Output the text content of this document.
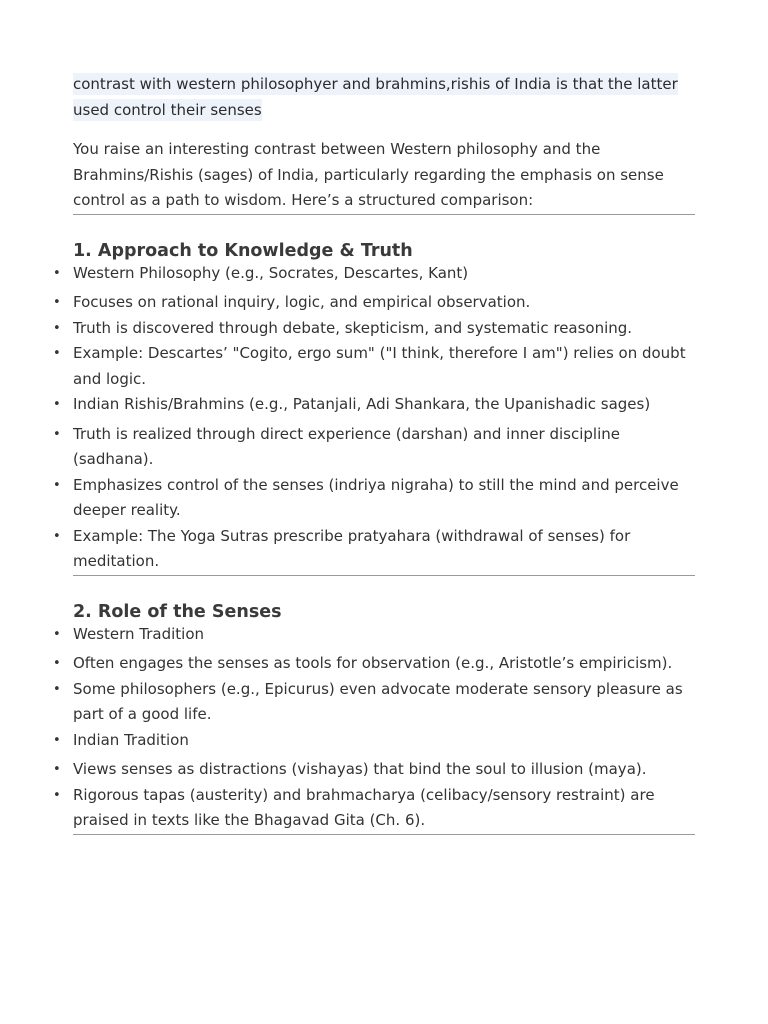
contrast with western philosophyer and brahmins,rishis of India is that the latter used control their senses
You raise an interesting contrast between Western philosophy and the Brahmins/Rishis (sages) of India, particularly regarding the emphasis on sense control as a path to wisdom. Here’s a structured comparison:
1. Approach to Knowledge & Truth
• Western Philosophy (e.g., Socrates, Descartes, Kant)
• Focuses on rational inquiry, logic, and empirical observation.
• Truth is discovered through debate, skepticism, and systematic reasoning.
• Example: Descartes’ "Cogito, ergo sum" ("I think, therefore I am") relies on doubt and logic.
• Indian Rishis/Brahmins (e.g., Patanjali, Adi Shankara, the Upanishadic sages)
• Truth is realized through direct experience (darshan) and inner discipline (sadhana).
• Emphasizes control of the senses (indriya nigraha) to still the mind and perceive deeper reality.
• Example: The Yoga Sutras prescribe pratyahara (withdrawal of senses) for meditation.
2. Role of the Senses
• Western Tradition
• Often engages the senses as tools for observation (e.g., Aristotle’s empiricism).
• Some philosophers (e.g., Epicurus) even advocate moderate sensory pleasure as part of a good life.
• Indian Tradition
• Views senses as distractions (vishayas) that bind the soul to illusion (maya).
• Rigorous tapas (austerity) and brahmacharya (celibacy/sensory restraint) are praised in texts like the Bhagavad Gita (Ch. 6).
